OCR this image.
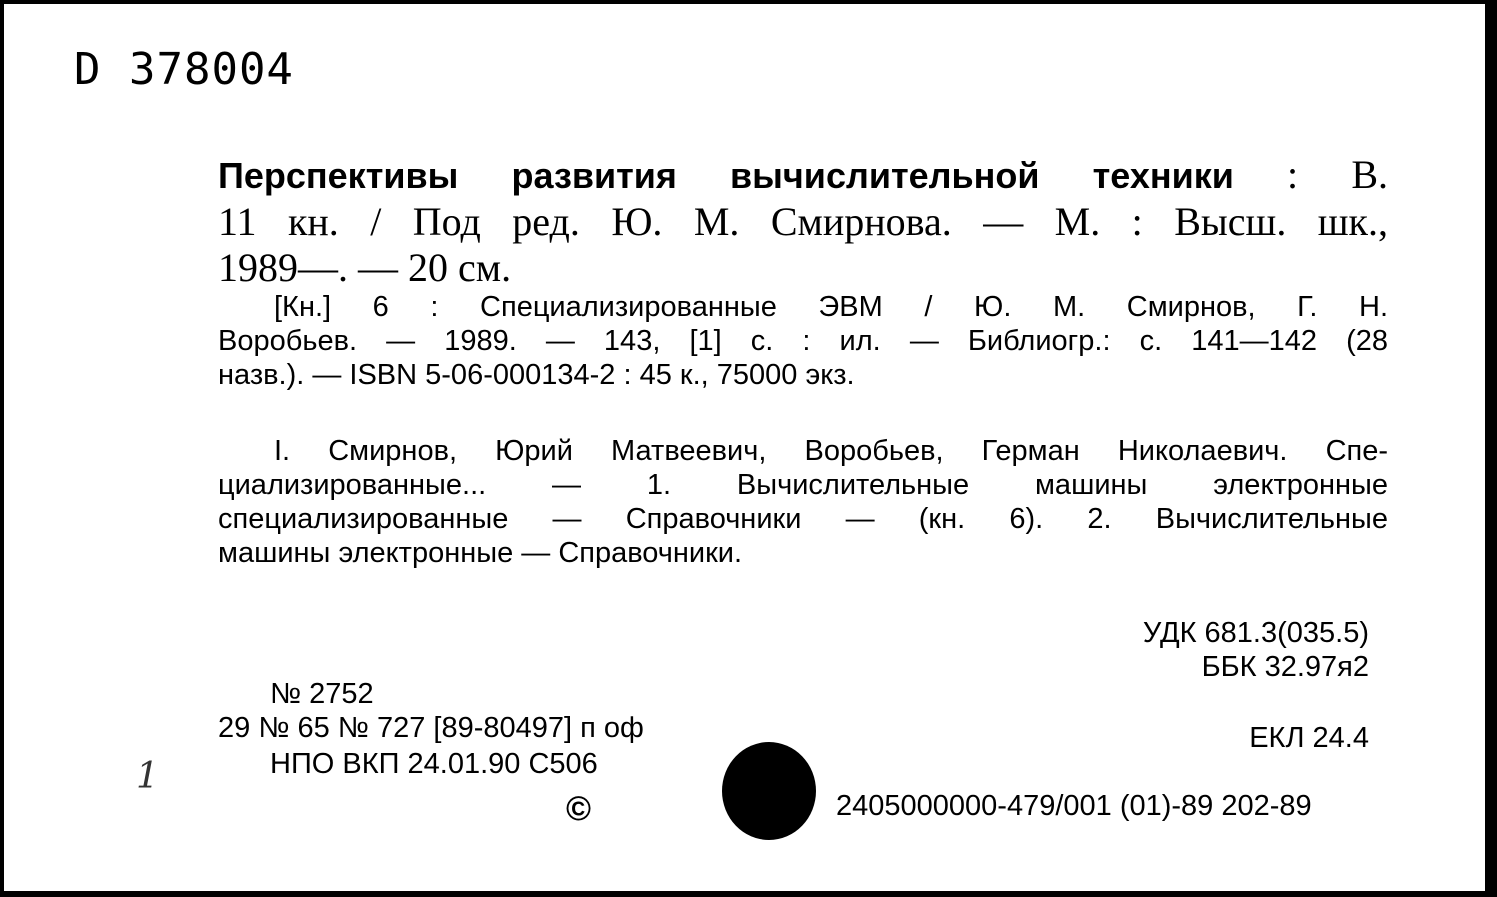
D 378004
Перспективы развития вычислительной техники : В.
11 кн. / Под ред. Ю. М. Смирнова. — М. : Высш. шк.,
1989—. — 20 см.
[Кн.] 6 : Специализированные ЭВМ / Ю. М. Смирнов, Г. Н.
Воробьев. — 1989. — 143, [1] с. : ил. — Библиогр.: с. 141—142 (28
назв.). — ISBN 5-06-000134-2 : 45 к., 75000 экз.
I. Смирнов, Юрий Матвеевич, Воробьев, Герман Николаевич. Спе-
циализированные... — 1. Вычислительные машины электронные
специализированные — Справочники — (кн. 6). 2. Вычислительные
машины электронные — Справочники.
УДК 681.3(035.5)
ББК 32.97я2
ЕКЛ 24.4
№ 2752
29 № 65 № 727 [89-80497] п оф
НПО ВКП 24.01.90 С506
©	2405000000-479/001 (01)-89 202-89
1
